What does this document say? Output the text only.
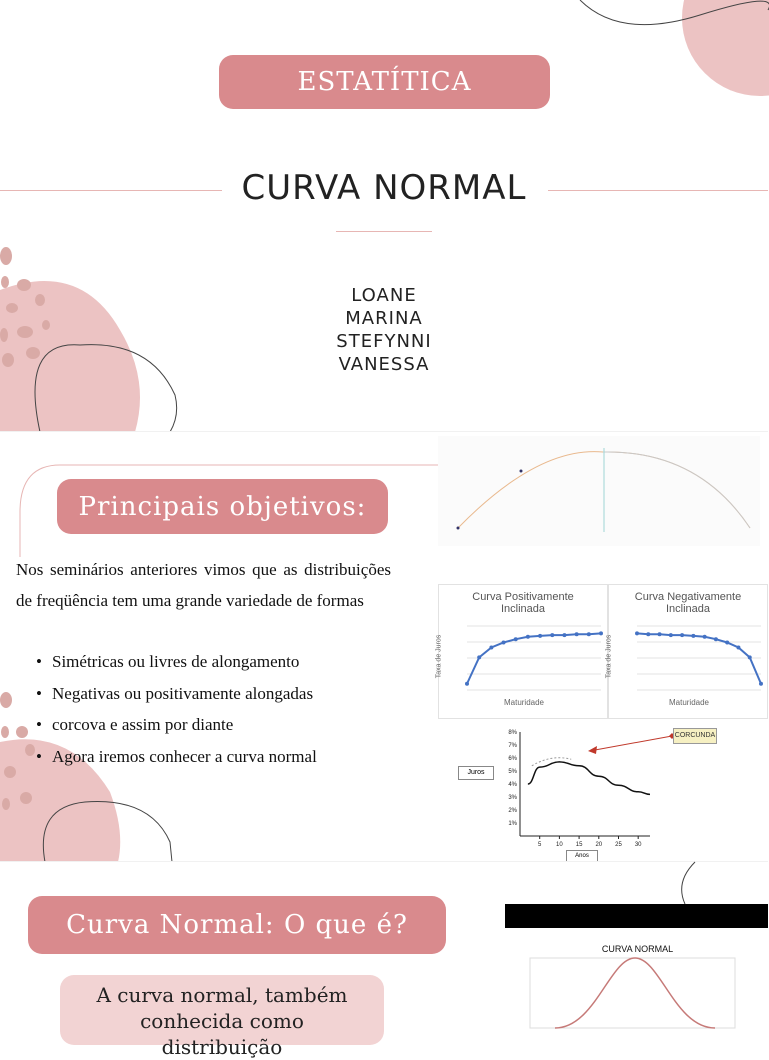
ESTATÍTICA
CURVA NORMAL
LOANE
MARINA
STEFYNNI
VANESSA
Principais objetivos:

Nos seminários anteriores vimos que as distribuições de freqüência tem uma grande variedade de formas

• Simétricas ou livres de alongamento
• Negativas ou positivamente alongadas
• corcova e assim por diante
• Agora iremos conhecer a curva normal
Curva Positivamente
Inclinada
Taxa de Juros
Maturidade
Curva Negativamente
Inclinada
Taxa de Juros
Maturidade
8%
7%
6%
5%
4%
3%
2%
1%
5 10 15 20 25 30
CORCUNDA
Juros
Anos
Curva Normal: O que é?

A curva normal, também conhecida como distribuição

CURVA NORMAL
